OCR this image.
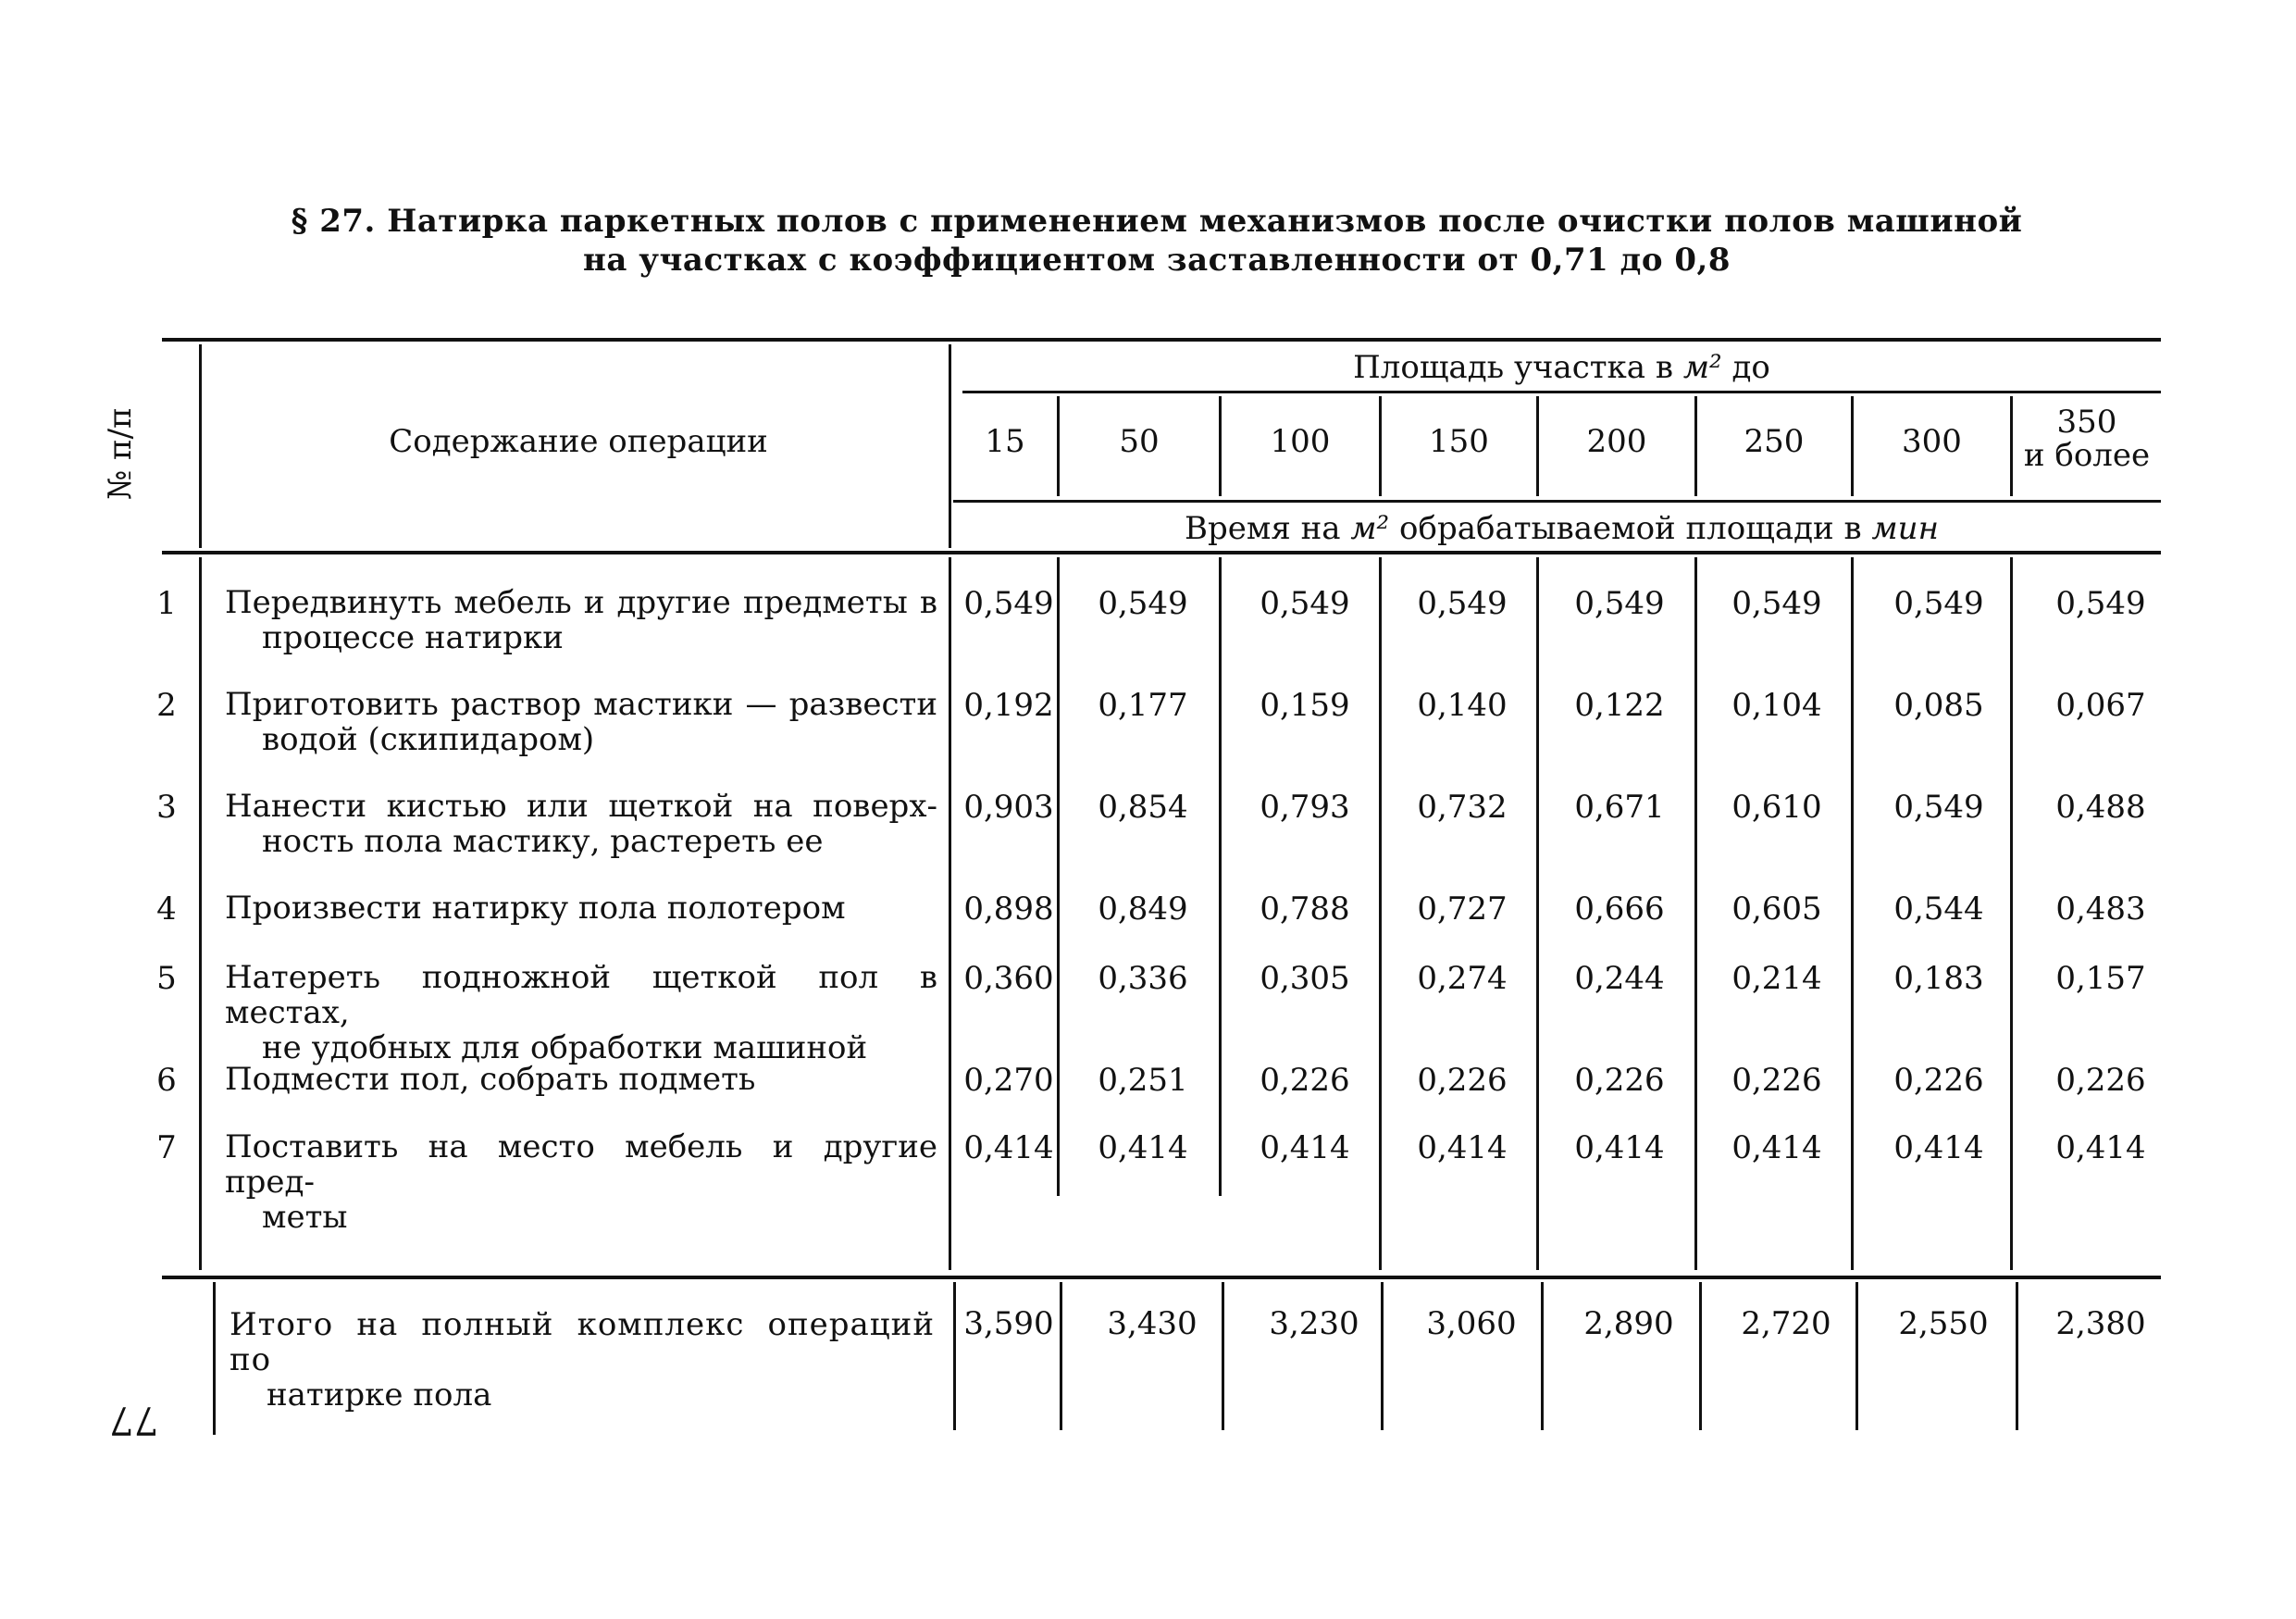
§ 27. Натирка паркетных полов с применением механизмов после очистки полов машиной
на участках с коэффициентом заставленности от 0,71 до 0,8
№ п/п	Содержание операции
Площадь участка в м² до
15	50	100	150	200	250	300
350
и более
Время на м² обрабатываемой площади в мин
1	Передвинуть мебель и другие предметы в
процессе натирки
0,549	0,549	0,549	0,549	0,549	0,549	0,549	0,549
2	Приготовить раствор мастики — развести
водой (скипидаром)
0,192	0,177	0,159	0,140	0,122	0,104	0,085	0,067
3	Нанести кистью или щеткой на поверх-
ность пола мастику, растереть ее
0,903	0,854	0,793	0,732	0,671	0,610	0,549	0,488
4	Произвести натирку пола полотером	0,898	0,849	0,788	0,727	0,666	0,605	0,544	0,483
5	Натереть подножной щеткой пол в местах,
не удобных для обработки машиной
0,360	0,336	0,305	0,274	0,244	0,214	0,183	0,157
6	Подмести пол, собрать подметь	0,270	0,251	0,226	0,226	0,226	0,226	0,226	0,226
7	Поставить на место мебель и другие пред-
меты
0,414	0,414	0,414	0,414	0,414	0,414	0,414	0,414
Итого на полный комплекс операций по
натирке пола
3,590	3,430	3,230	3,060	2,890	2,720	2,550	2,380
77
